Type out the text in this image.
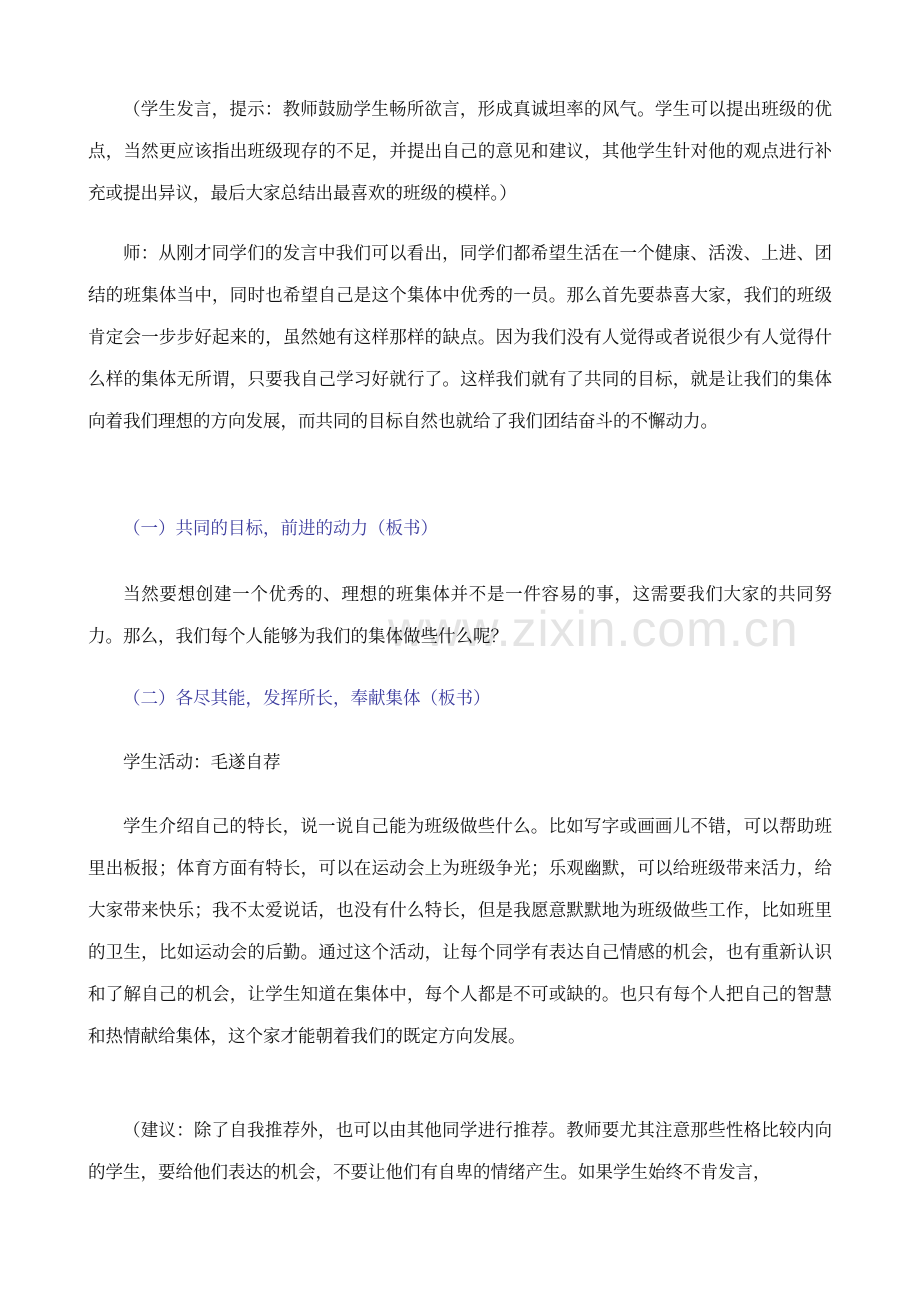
www.zixin.com.cn

（学生发言，提示：教师鼓励学生畅所欲言，形成真诚坦率的风气。学生可以提出班级的优点，当然更应该指出班级现存的不足，并提出自己的意见和建议，其他学生针对他的观点进行补充或提出异议，最后大家总结出最喜欢的班级的模样。）

师：从刚才同学们的发言中我们可以看出，同学们都希望生活在一个健康、活泼、上进、团结的班集体当中，同时也希望自己是这个集体中优秀的一员。那么首先要恭喜大家，我们的班级肯定会一步步好起来的，虽然她有这样那样的缺点。因为我们没有人觉得或者说很少有人觉得什么样的集体无所谓，只要我自己学习好就行了。这样我们就有了共同的目标，就是让我们的集体向着我们理想的方向发展，而共同的目标自然也就给了我们团结奋斗的不懈动力。

（一）共同的目标，前进的动力（板书）

当然要想创建一个优秀的、理想的班集体并不是一件容易的事，这需要我们大家的共同努力。那么，我们每个人能够为我们的集体做些什么呢？

（二）各尽其能，发挥所长，奉献集体（板书）

学生活动：毛遂自荐

学生介绍自己的特长，说一说自己能为班级做些什么。比如写字或画画儿不错，可以帮助班里出板报；体育方面有特长，可以在运动会上为班级争光；乐观幽默，可以给班级带来活力，给大家带来快乐；我不太爱说话，也没有什么特长，但是我愿意默默地为班级做些工作，比如班里的卫生，比如运动会的后勤。通过这个活动，让每个同学有表达自己情感的机会，也有重新认识和了解自己的机会，让学生知道在集体中，每个人都是不可或缺的。也只有每个人把自己的智慧和热情献给集体，这个家才能朝着我们的既定方向发展。

（建议：除了自我推荐外，也可以由其他同学进行推荐。教师要尤其注意那些性格比较内向的学生，要给他们表达的机会，不要让他们有自卑的情绪产生。如果学生始终不肯发言，
